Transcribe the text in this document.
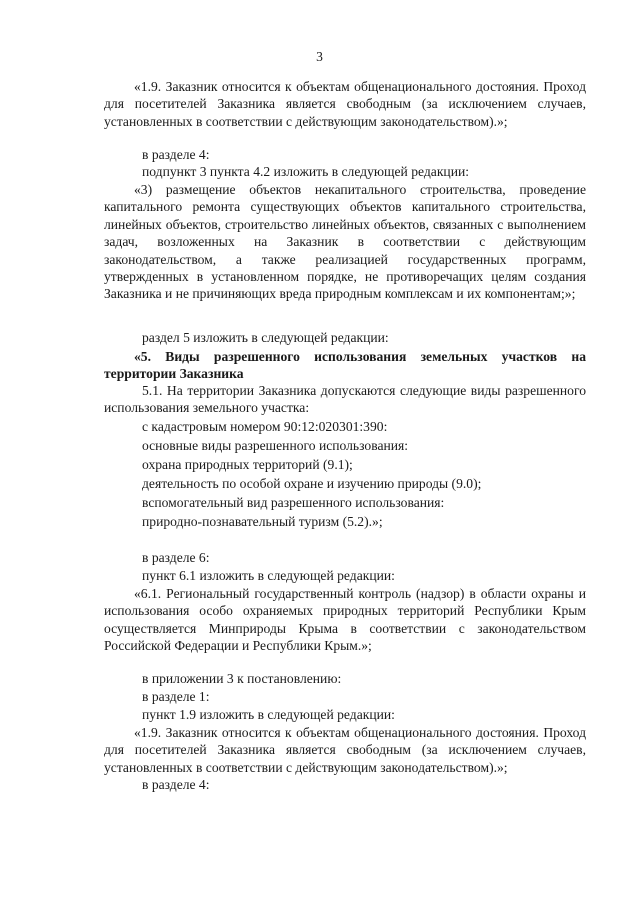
3
«1.9. Заказник относится к объектам общенационального достояния. Проход для посетителей Заказника является свободным (за исключением случаев, установленных в соответствии с действующим законодательством).»;
в разделе 4:
подпункт 3 пункта 4.2 изложить в следующей редакции:
«3) размещение объектов некапитального строительства, проведение капитального ремонта существующих объектов капитального строительства, линейных объектов, строительство линейных объектов, связанных с выполнением задач, возложенных на Заказник в соответствии с действующим законодательством, а также реализацией государственных программ, утвержденных в установленном порядке, не противоречащих целям создания Заказника и не причиняющих вреда природным комплексам и их компонентам;»;
раздел 5 изложить в следующей редакции:
«5. Виды разрешенного использования земельных участков на территории Заказника
5.1. На территории Заказника допускаются следующие виды разрешенного использования земельного участка:
с кадастровым номером 90:12:020301:390:
основные виды разрешенного использования:
охрана природных территорий (9.1);
деятельность по особой охране и изучению природы (9.0);
вспомогательный вид разрешенного использования:
природно-познавательный туризм (5.2).»;
в разделе 6:
пункт 6.1 изложить в следующей редакции:
«6.1. Региональный государственный контроль (надзор) в области охраны и использования особо охраняемых природных территорий Республики Крым осуществляется Минприроды Крыма в соответствии с законодательством Российской Федерации и Республики Крым.»;
в приложении 3 к постановлению:
в разделе 1:
пункт 1.9 изложить в следующей редакции:
«1.9. Заказник относится к объектам общенационального достояния. Проход для посетителей Заказника является свободным (за исключением случаев, установленных в соответствии с действующим законодательством).»;
в разделе 4:
